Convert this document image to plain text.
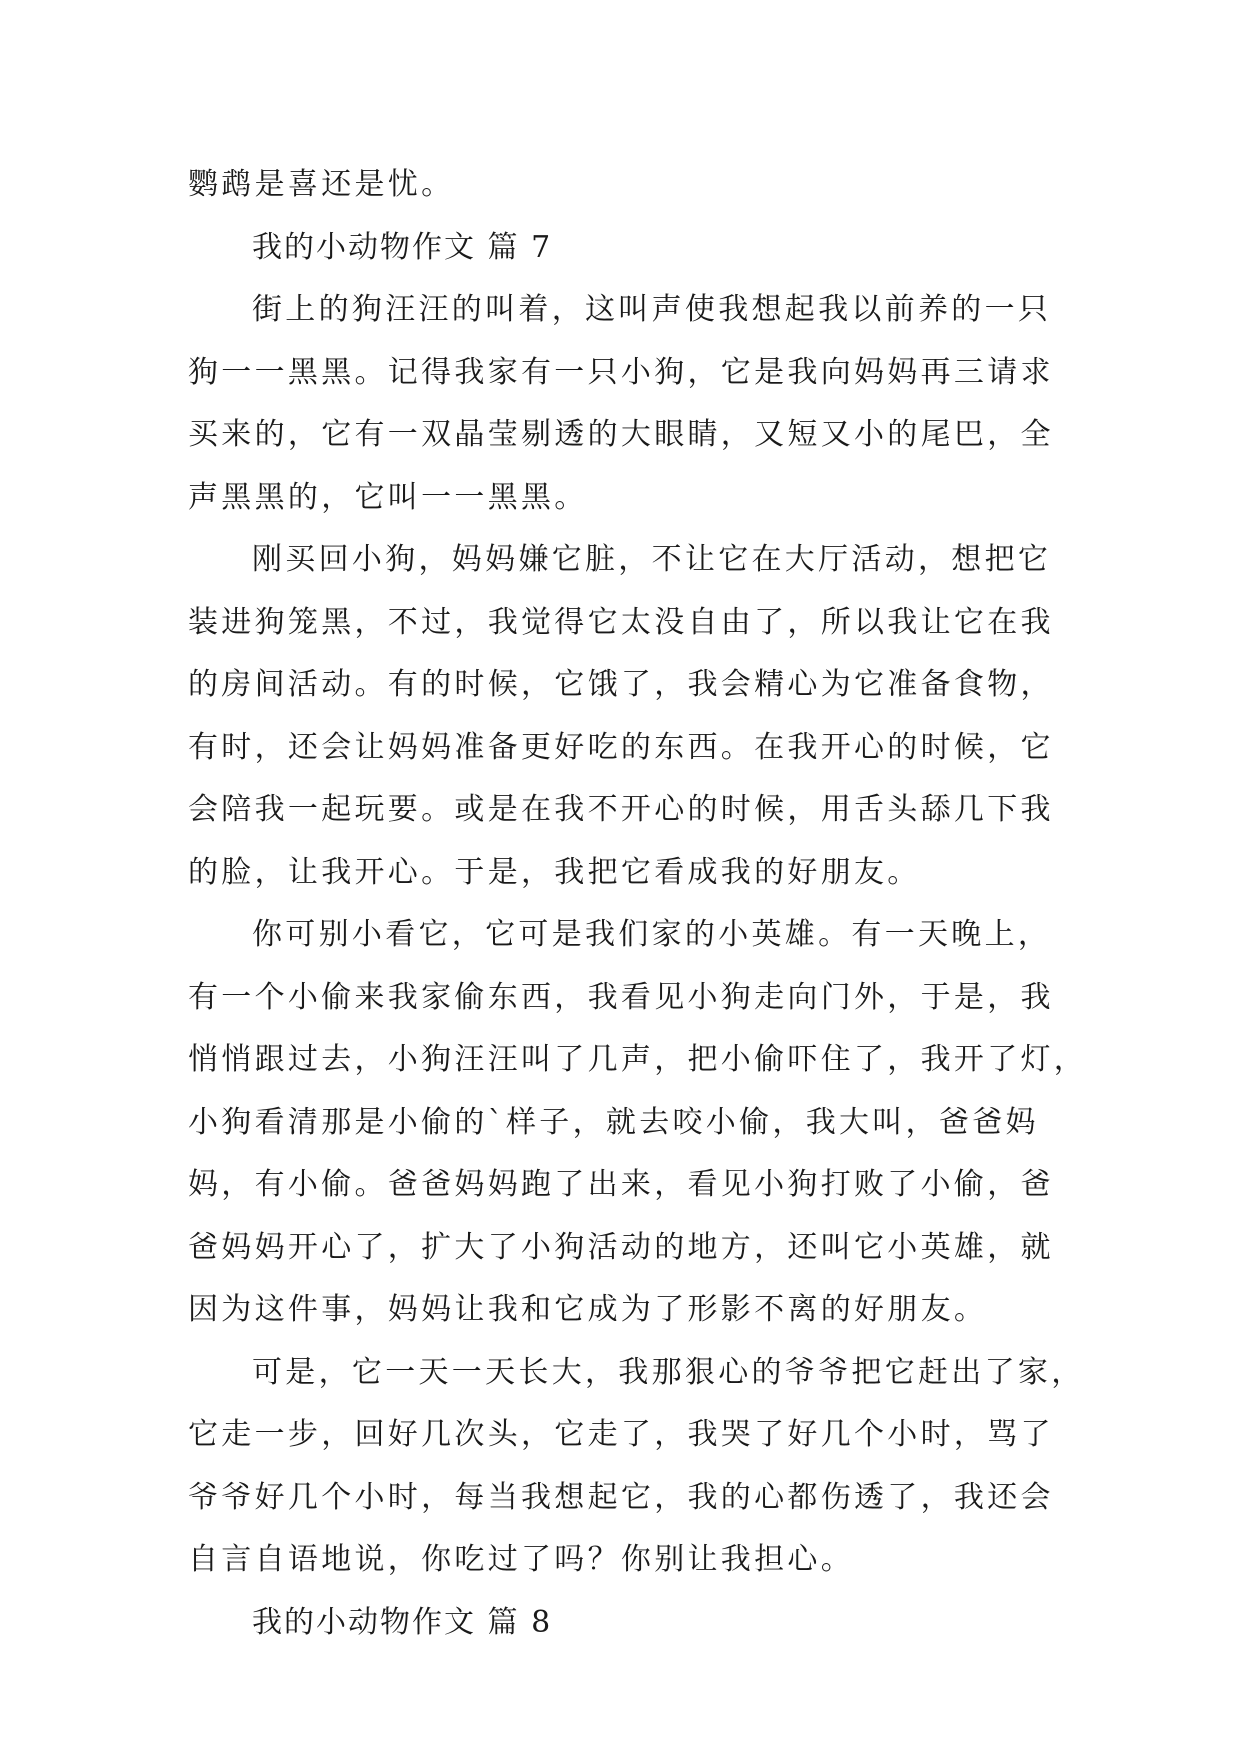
鹦鹉是喜还是忧。

我的小动物作文 篇 7

街上的狗汪汪的叫着，这叫声使我想起我以前养的一只

狗一一黑黑。记得我家有一只小狗，它是我向妈妈再三请求

买来的，它有一双晶莹剔透的大眼睛，又短又小的尾巴，全

声黑黑的，它叫一一黑黑。

刚买回小狗，妈妈嫌它脏，不让它在大厅活动，想把它

装进狗笼黑，不过，我觉得它太没自由了，所以我让它在我

的房间活动。有的时候，它饿了，我会精心为它准备食物，

有时，还会让妈妈准备更好吃的东西。在我开心的时候，它

会陪我一起玩要。或是在我不开心的时候，用舌头舔几下我

的脸，让我开心。于是，我把它看成我的好朋友。

你可别小看它，它可是我们家的小英雄。有一天晚上，

有一个小偷来我家偷东西，我看见小狗走向门外，于是，我

悄悄跟过去，小狗汪汪叫了几声，把小偷吓住了，我开了灯，

小狗看清那是小偷的`样子，就去咬小偷，我大叫，爸爸妈

妈，有小偷。爸爸妈妈跑了出来，看见小狗打败了小偷，爸

爸妈妈开心了，扩大了小狗活动的地方，还叫它小英雄，就

因为这件事，妈妈让我和它成为了形影不离的好朋友。

可是，它一天一天长大，我那狠心的爷爷把它赶出了家，

它走一步，回好几次头，它走了，我哭了好几个小时，骂了

爷爷好几个小时，每当我想起它，我的心都伤透了，我还会

自言自语地说，你吃过了吗？你别让我担心。

我的小动物作文 篇 8
